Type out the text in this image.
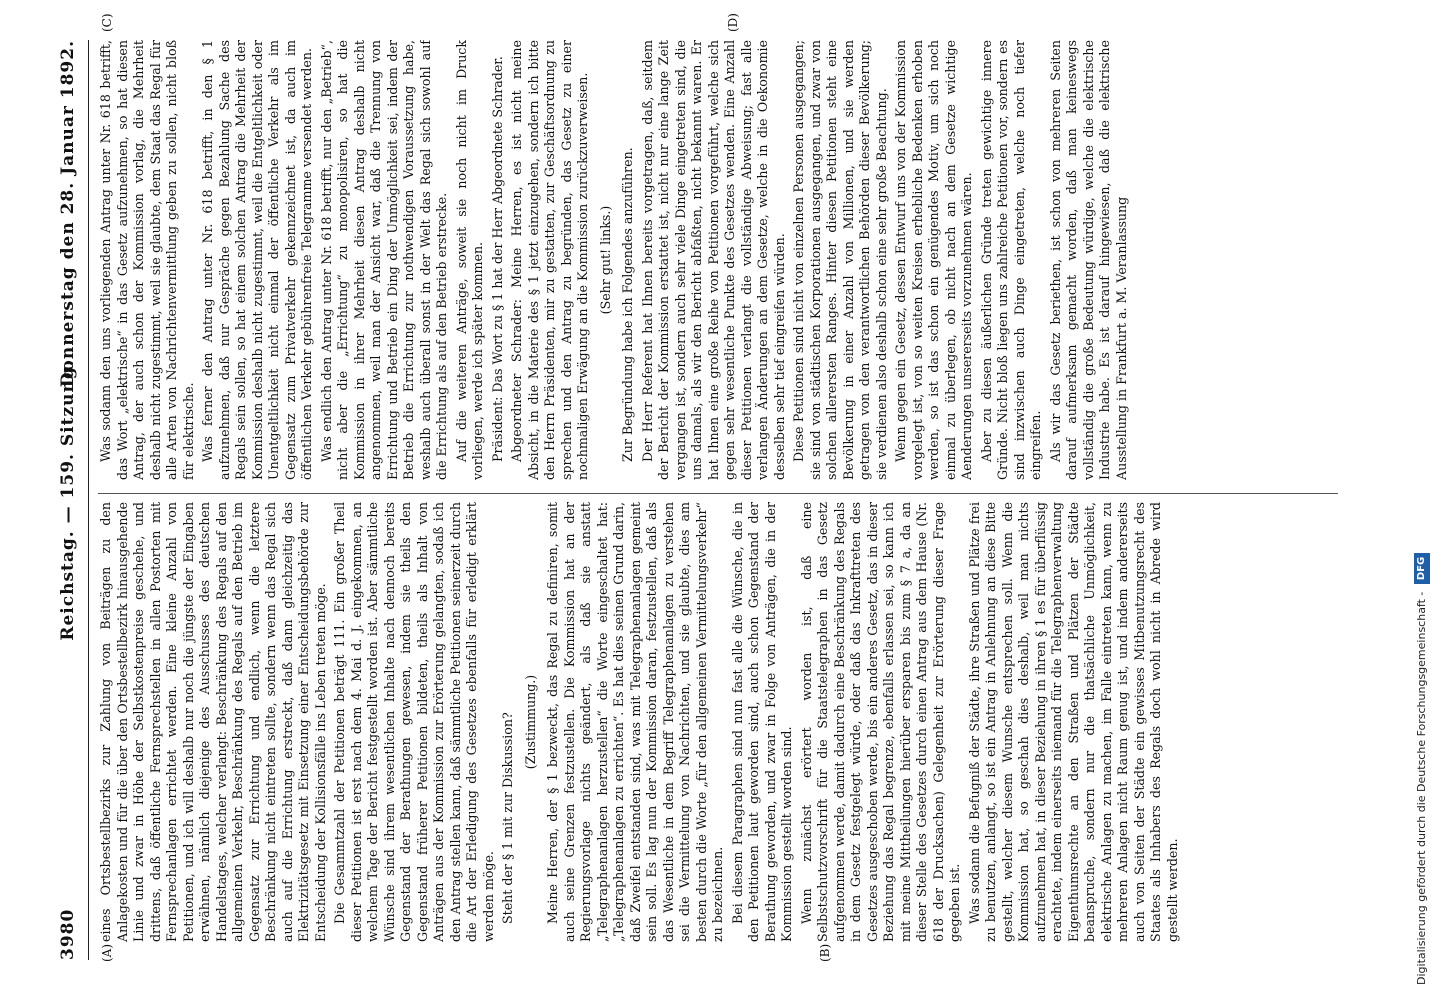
3980
Reichstag. — 159. Sitzung.
Donnerstag den 28. Januar 1892.
(A)	(B)
(C)	(D)

eines Ortsbestellbezirks zur Zahlung von Beiträgen zu den Anlagekosten und für die über den Ortsbestellbezirk hinausgehende Linie und zwar in Höhe der Selbstkostenpreise geschehe, und drittens, daß öffentliche Fernsprechstellen in allen Postorten mit Fernsprechanlagen errichtet werden. Eine kleine Anzahl von Petitionen, und ich will deshalb nur noch die jüngste der Eingaben erwähnen, nämlich diejenige des Ausschusses des deutschen Handelstages, welcher verlangt: Beschränkung des Regals auf den allgemeinen Verkehr, Beschränkung des Regals auf den Betrieb im Gegensatz zur Errichtung und endlich, wenn die letztere Beschränkung nicht eintreten sollte, sondern wenn das Regal sich auch auf die Errichtung erstreckt, daß dann gleichzeitig das Elektrizitätsgesetz mit Einsetzung einer Entscheidungsbehörde zur Entscheidung der Kollisionsfälle ins Leben treten möge. Die Gesammtzahl der Petitionen beträgt 111. Ein großer Theil dieser Petitionen ist erst nach dem 4. Mai d. J. eingekommen, an welchem Tage der Bericht festgestellt worden ist. Aber sämmtliche Wünsche sind ihrem wesentlichen Inhalte nach dennoch bereits Gegenstand der Berathungen gewesen, indem sie theils den Gegenstand früherer Petitionen bildeten, theils als Inhalt von Anträgen aus der Kommission zur Erörterung gelangten, sodaß ich den Antrag stellen kann, daß sämmtliche Petitionen seinerzeit durch die Art der Erledigung des Gesetzes ebenfalls für erledigt erklärt werden möge. Steht der § 1 mit zur Diskussion? (Zustimmung.) Meine Herren, der § 1 bezweckt, das Regal zu definiren, somit auch seine Grenzen festzustellen. Die Kommission hat an der Regierungsvorlage nichts geändert, als daß sie anstatt „Telegraphenanlagen herzustellen“ die Worte eingeschaltet hat: „Telegraphenanlagen zu errichten“. Es hat dies seinen Grund darin, daß Zweifel entstanden sind, was mit Telegraphenanlagen gemeint sein soll. Es lag nun der Kommission daran, festzustellen, daß als das Wesentliche in dem Begriff Telegraphenanlagen zu verstehen sei die Vermittelung von Nachrichten, und sie glaubte, dies am besten durch die Worte „für den allgemeinen Vermittelungsverkehr“ zu bezeichnen. Bei diesem Paragraphen sind nun fast alle die Wünsche, die in den Petitionen laut geworden sind, auch schon Gegenstand der Berathung geworden, und zwar in Folge von Anträgen, die in der Kommission gestellt worden sind. Wenn zunächst erörtert worden ist, daß eine Selbstschutzvorschrift für die Staatstelegraphen in das Gesetz aufgenommen werde, damit dadurch eine Beschränkung des Regals in dem Gesetz festgelegt würde, oder daß das Inkrafttreten des Gesetzes ausgeschoben werde, bis ein anderes Gesetz, das in dieser Beziehung das Regal begrenze, ebenfalls erlassen sei, so kann ich mit meine Mittheilungen hierüber ersparen bis zum § 7 a, da an dieser Stelle des Gesetzes durch einen Antrag aus dem Hause (Nr. 618 der Drucksachen) Gelegenheit zur Erörterung dieser Frage gegeben ist. Was sodann die Befugniß der Städte, ihre Straßen und Plätze frei zu benutzen, anlangt, so ist ein Antrag in Anlehnung an diese Bitte gestellt, welcher diesem Wunsche entsprechen soll. Wenn die Kommission hat, so geschah dies deshalb, weil man nichts aufzunehmen hat, in dieser Beziehung in ihren § 1 es für überflüssig erachtete, indem einerseits niemand für die Telegraphenverwaltung Eigenthumsrechte an den Straßen und Plätzen der Städte beanspruche, sondern nur die thatsächliche Unmöglichkeit, elektrische Anlagen zu machen, im Falle eintreten kann, wenn zu mehreren Anlagen nicht Raum genug ist, und indem andererseits auch von Seiten der Städte ein gewisses Mitbenutzungsrecht des Staates als Inhabers des Regals doch wohl nicht in Abrede wird gestellt werden.

Was sodann den uns vorliegenden Antrag unter Nr. 618 betrifft, das Wort „elektrische“ in das Gesetz aufzunehmen, so hat diesen Antrag, der auch schon der Kommission vorlag, die Mehrheit deshalb nicht zugestimmt, weil sie glaubte, dem Staat das Regal für alle Arten von Nachrichtenvermittlung geben zu sollen, nicht bloß für elektrische. Was ferner den Antrag unter Nr. 618 betrifft, in den § 1 aufzunehmen, daß nur Gespräche gegen Bezahlung Sache des Regals sein sollen, so hat einem solchen Antrag die Mehrheit der Kommission deshalb nicht zugestimmt, weil die Entgeltlichkeit oder Unentgeltlichkeit nicht einmal der öffentliche Verkehr als im Gegensatz zum Privatverkehr gekennzeichnet ist, da auch im öffentlichen Verkehr gebührenfreie Telegramme versendet werden. Was endlich den Antrag unter Nr. 618 betrifft, nur den „Betrieb“, nicht aber die „Errichtung“ zu monopolisiren, so hat die Kommission in ihrer Mehrheit diesen Antrag deshalb nicht angenommen, weil man der Ansicht war, daß die Trennung von Errichtung und Betrieb ein Ding der Unmöglichkeit sei, indem der Betrieb die Errichtung zur nothwendigen Voraussetzung habe, weshalb auch überall sonst in der Welt das Regal sich sowohl auf die Errichtung als auf den Betrieb erstrecke. Auf die weiteren Anträge, soweit sie noch nicht im Druck vorliegen, werde ich später kommen. Präsident: Das Wort zu § 1 hat der Herr Abgeordnete Schrader. Abgeordneter Schrader: Meine Herren, es ist nicht meine Absicht, in die Materie des § 1 jetzt einzugehen, sondern ich bitte den Herrn Präsidenten, mir zu gestatten, zur Geschäftsordnung zu sprechen und den Antrag zu begründen, das Gesetz zu einer nochmaligen Erwägung an die Kommission zurückzuverweisen. (Sehr gut! links.) Zur Begründung habe ich Folgendes anzuführen. Der Herr Referent hat Ihnen bereits vorgetragen, daß, seitdem der Bericht der Kommission erstattet ist, nicht nur eine lange Zeit vergangen ist, sondern auch sehr viele Dinge eingetreten sind, die uns damals, als wir den Bericht abfaßten, nicht bekannt waren. Er hat Ihnen eine große Reihe von Petitionen vorgeführt, welche sich gegen sehr wesentliche Punkte des Gesetzes wenden. Eine Anzahl dieser Petitionen verlangt die vollständige Abweisung; fast alle verlangen Änderungen an dem Gesetze, welche in die Oekonomie desselben sehr tief eingreifen würden. Diese Petitionen sind nicht von einzelnen Personen ausgegangen; sie sind von städtischen Korporationen ausgegangen, und zwar von solchen allerersten Ranges. Hinter diesen Petitionen steht eine Bevölkerung in einer Anzahl von Millionen, und sie werden getragen von den verantwortlichen Behörden dieser Bevölkerung; sie verdienen also deshalb schon eine sehr große Beachtung. Wenn gegen ein Gesetz, dessen Entwurf uns von der Kommission vorgelegt ist, von so weiten Kreisen erhebliche Bedenken erhoben werden, so ist das schon ein genügendes Motiv, um sich noch einmal zu überlegen, ob nicht nach an dem Gesetze wichtige Aenderungen unsererseits vorzunehmen wären. Aber zu diesen äußerlichen Gründe treten gewichtige innere Gründe. Nicht bloß liegen uns zahlreiche Petitionen vor, sondern es sind inzwischen auch Dinge eingetreten, welche noch tiefer eingreifen. Als wir das Gesetz beriethen, ist schon von mehreren Seiten darauf aufmerksam gemacht worden, daß man keineswegs vollständig die große Bedeutung würdige, welche die elektrische Industrie habe. Es ist darauf hingewiesen, daß die elektrische Ausstellung in Frankfurt a. M. Veranlassung

Digitalisierung gefördert durch die Deutsche Forschungsgemeinschaft - DFG
